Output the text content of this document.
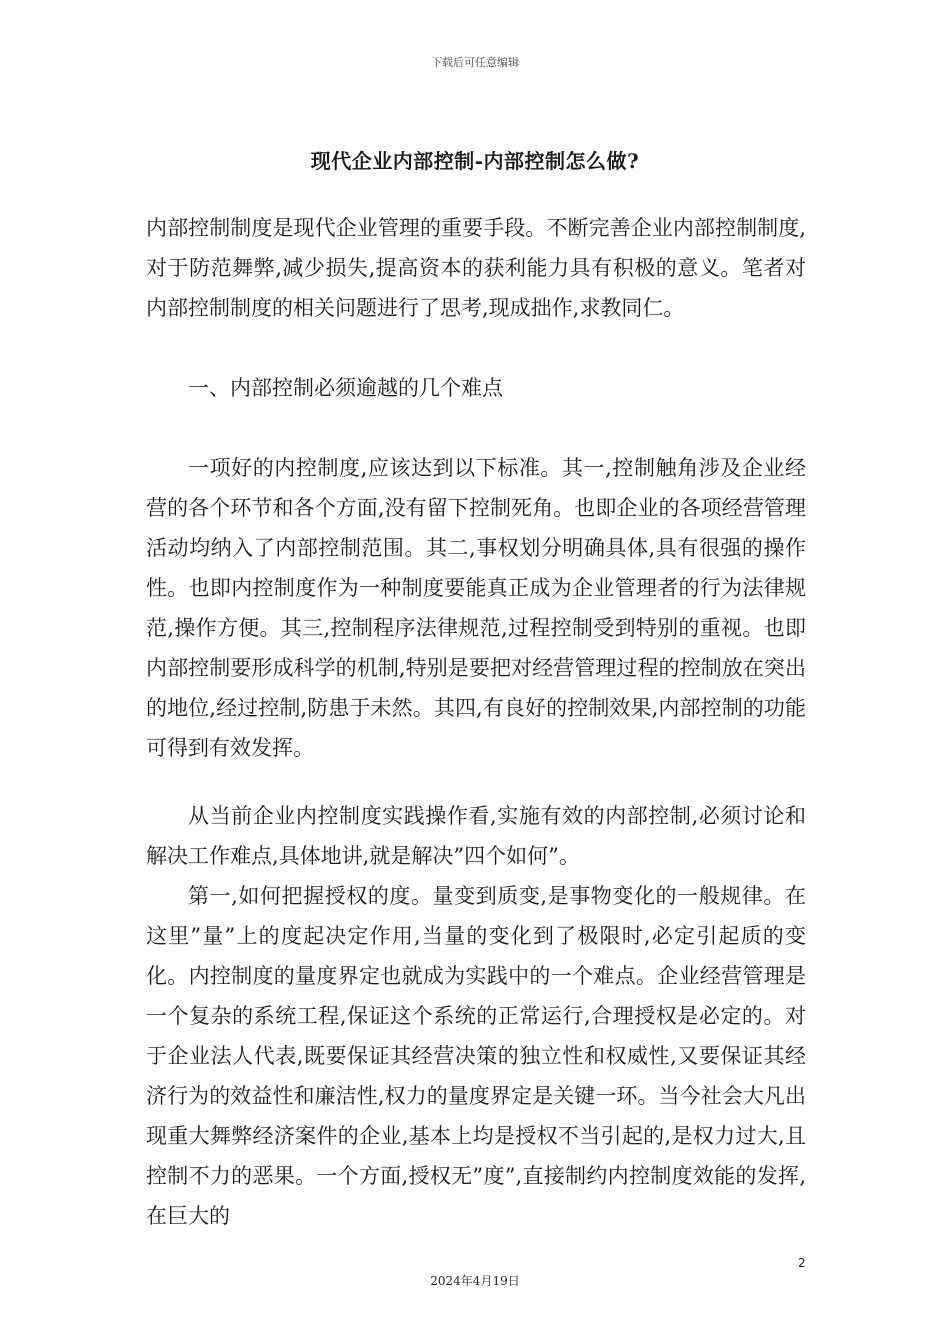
下载后可任意编辑
现代企业内部控制-内部控制怎么做?

内部控制制度是现代企业管理的重要手段。不断完善企业内部控制制度,对于防范舞弊,减少损失,提高资本的获利能力具有积极的意义。笔者对内部控制制度的相关问题进行了思考,现成拙作,求教同仁。

一、内部控制必须逾越的几个难点

一项好的内控制度,应该达到以下标准。其一,控制触角涉及企业经营的各个环节和各个方面,没有留下控制死角。也即企业的各项经营管理活动均纳入了内部控制范围。其二,事权划分明确具体,具有很强的操作性。也即内控制度作为一种制度要能真正成为企业管理者的行为法律规范,操作方便。其三,控制程序法律规范,过程控制受到特别的重视。也即内部控制要形成科学的机制,特别是要把对经营管理过程的控制放在突出的地位,经过控制,防患于未然。其四,有良好的控制效果,内部控制的功能可得到有效发挥。

从当前企业内控制度实践操作看,实施有效的内部控制,必须讨论和解决工作难点,具体地讲,就是解决”四个如何”。

第一,如何把握授权的度。量变到质变,是事物变化的一般规律。在这里”量”上的度起决定作用,当量的变化到了极限时,必定引起质的变化。内控制度的量度界定也就成为实践中的一个难点。企业经营管理是一个复杂的系统工程,保证这个系统的正常运行,合理授权是必定的。对于企业法人代表,既要保证其经营决策的独立性和权威性,又要保证其经济行为的效益性和廉洁性,权力的量度界定是关键一环。当今社会大凡出现重大舞弊经济案件的企业,基本上均是授权不当引起的,是权力过大,且控制不力的恶果。一个方面,授权无”度”,直接制约内控制度效能的发挥,在巨大的

2
2024年4月19日
